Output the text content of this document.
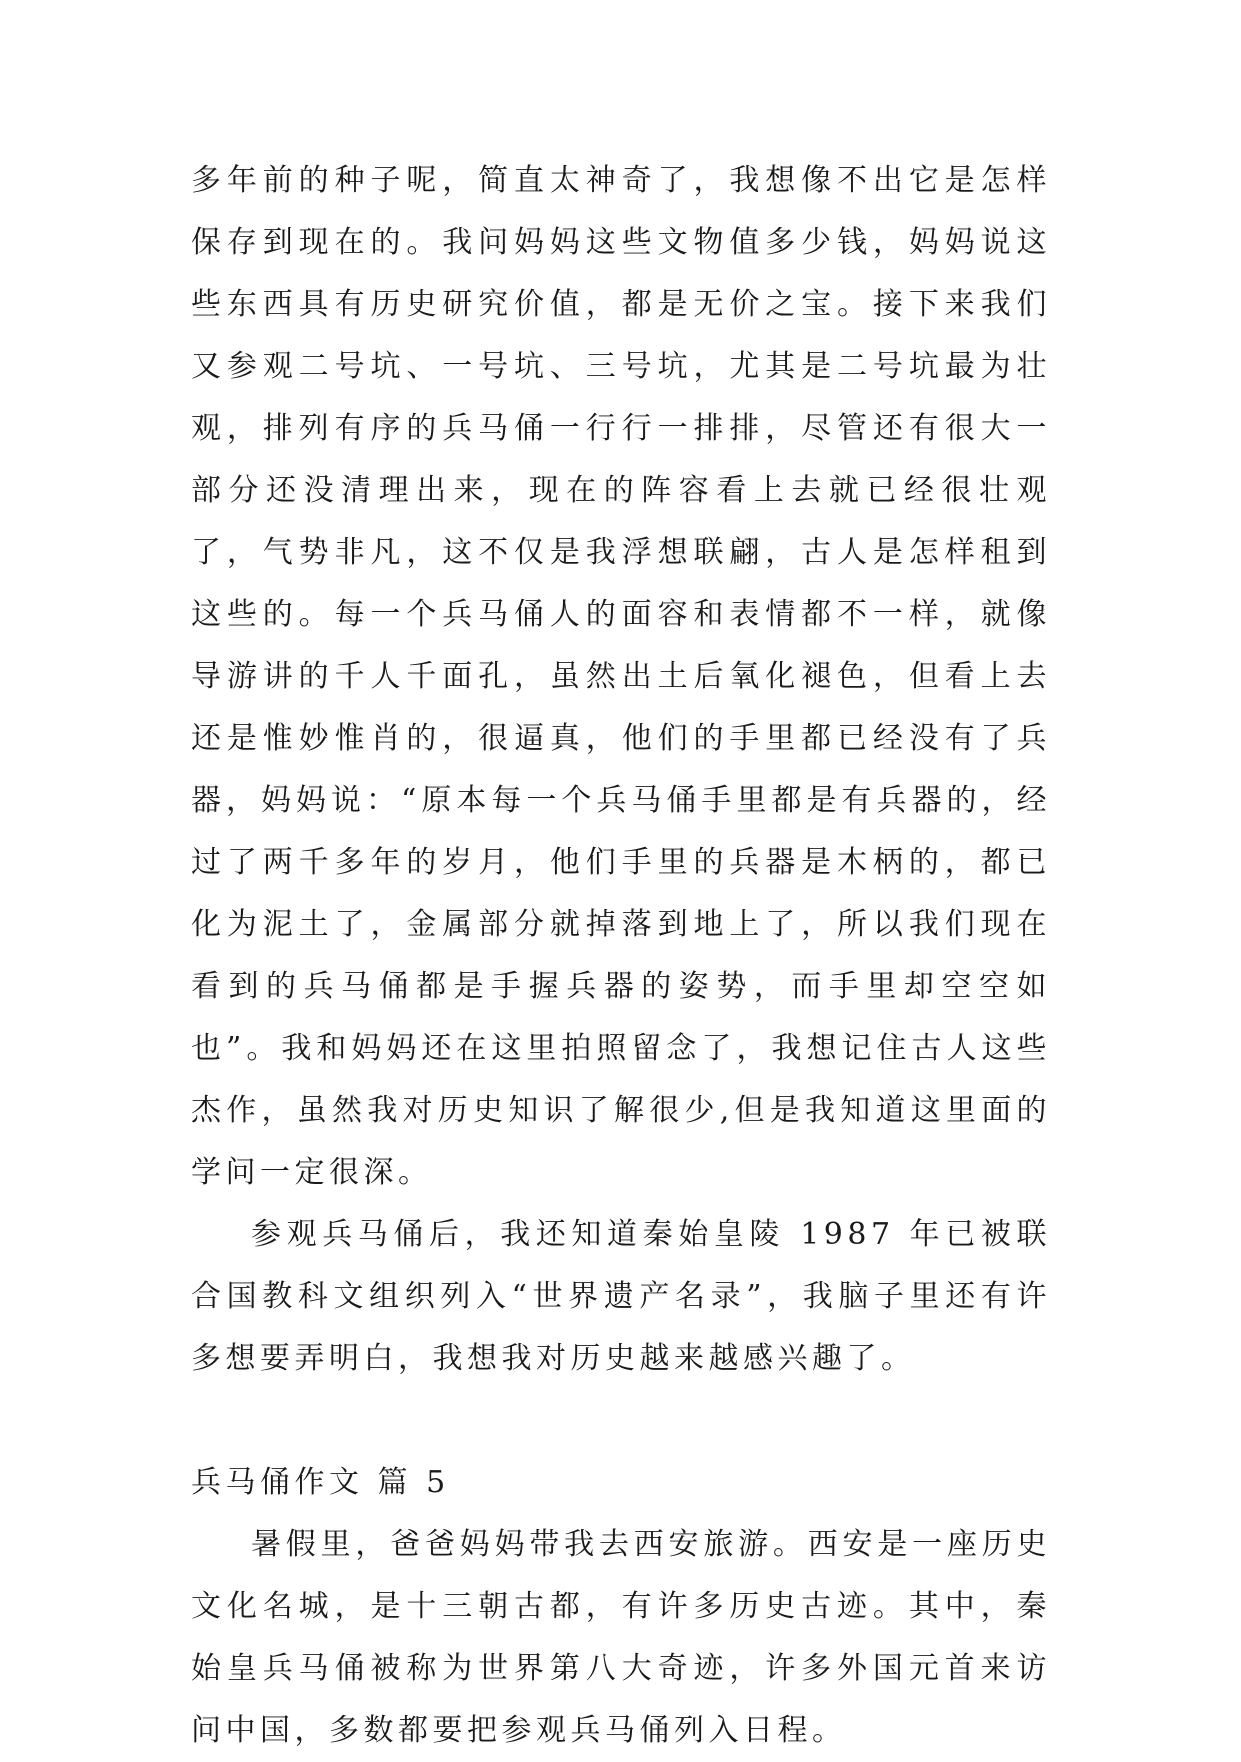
多年前的种子呢，简直太神奇了，我想像不出它是怎样保存到现在的。我问妈妈这些文物值多少钱，妈妈说这些东西具有历史研究价值，都是无价之宝。接下来我们又参观二号坑、一号坑、三号坑，尤其是二号坑最为壮观，排列有序的兵马俑一行行一排排，尽管还有很大一部分还没清理出来，现在的阵容看上去就已经很壮观了，气势非凡，这不仅是我浮想联翩，古人是怎样租到这些的。每一个兵马俑人的面容和表情都不一样，就像导游讲的千人千面孔，虽然出土后氧化褪色，但看上去还是惟妙惟肖的，很逼真，他们的手里都已经没有了兵器，妈妈说：“原本每一个兵马俑手里都是有兵器的，经过了两千多年的岁月，他们手里的兵器是木柄的，都已化为泥土了，金属部分就掉落到地上了，所以我们现在看到的兵马俑都是手握兵器的姿势，而手里却空空如也”。我和妈妈还在这里拍照留念了，我想记住古人这些杰作，虽然我对历史知识了解很少,但是我知道这里面的学问一定很深。

参观兵马俑后，我还知道秦始皇陵 1987 年已被联合国教科文组织列入“世界遗产名录”，我脑子里还有许多想要弄明白，我想我对历史越来越感兴趣了。

兵马俑作文 篇 5

暑假里，爸爸妈妈带我去西安旅游。西安是一座历史文化名城，是十三朝古都，有许多历史古迹。其中，秦始皇兵马俑被称为世界第八大奇迹，许多外国元首来访问中国，多数都要把参观兵马俑列入日程。
